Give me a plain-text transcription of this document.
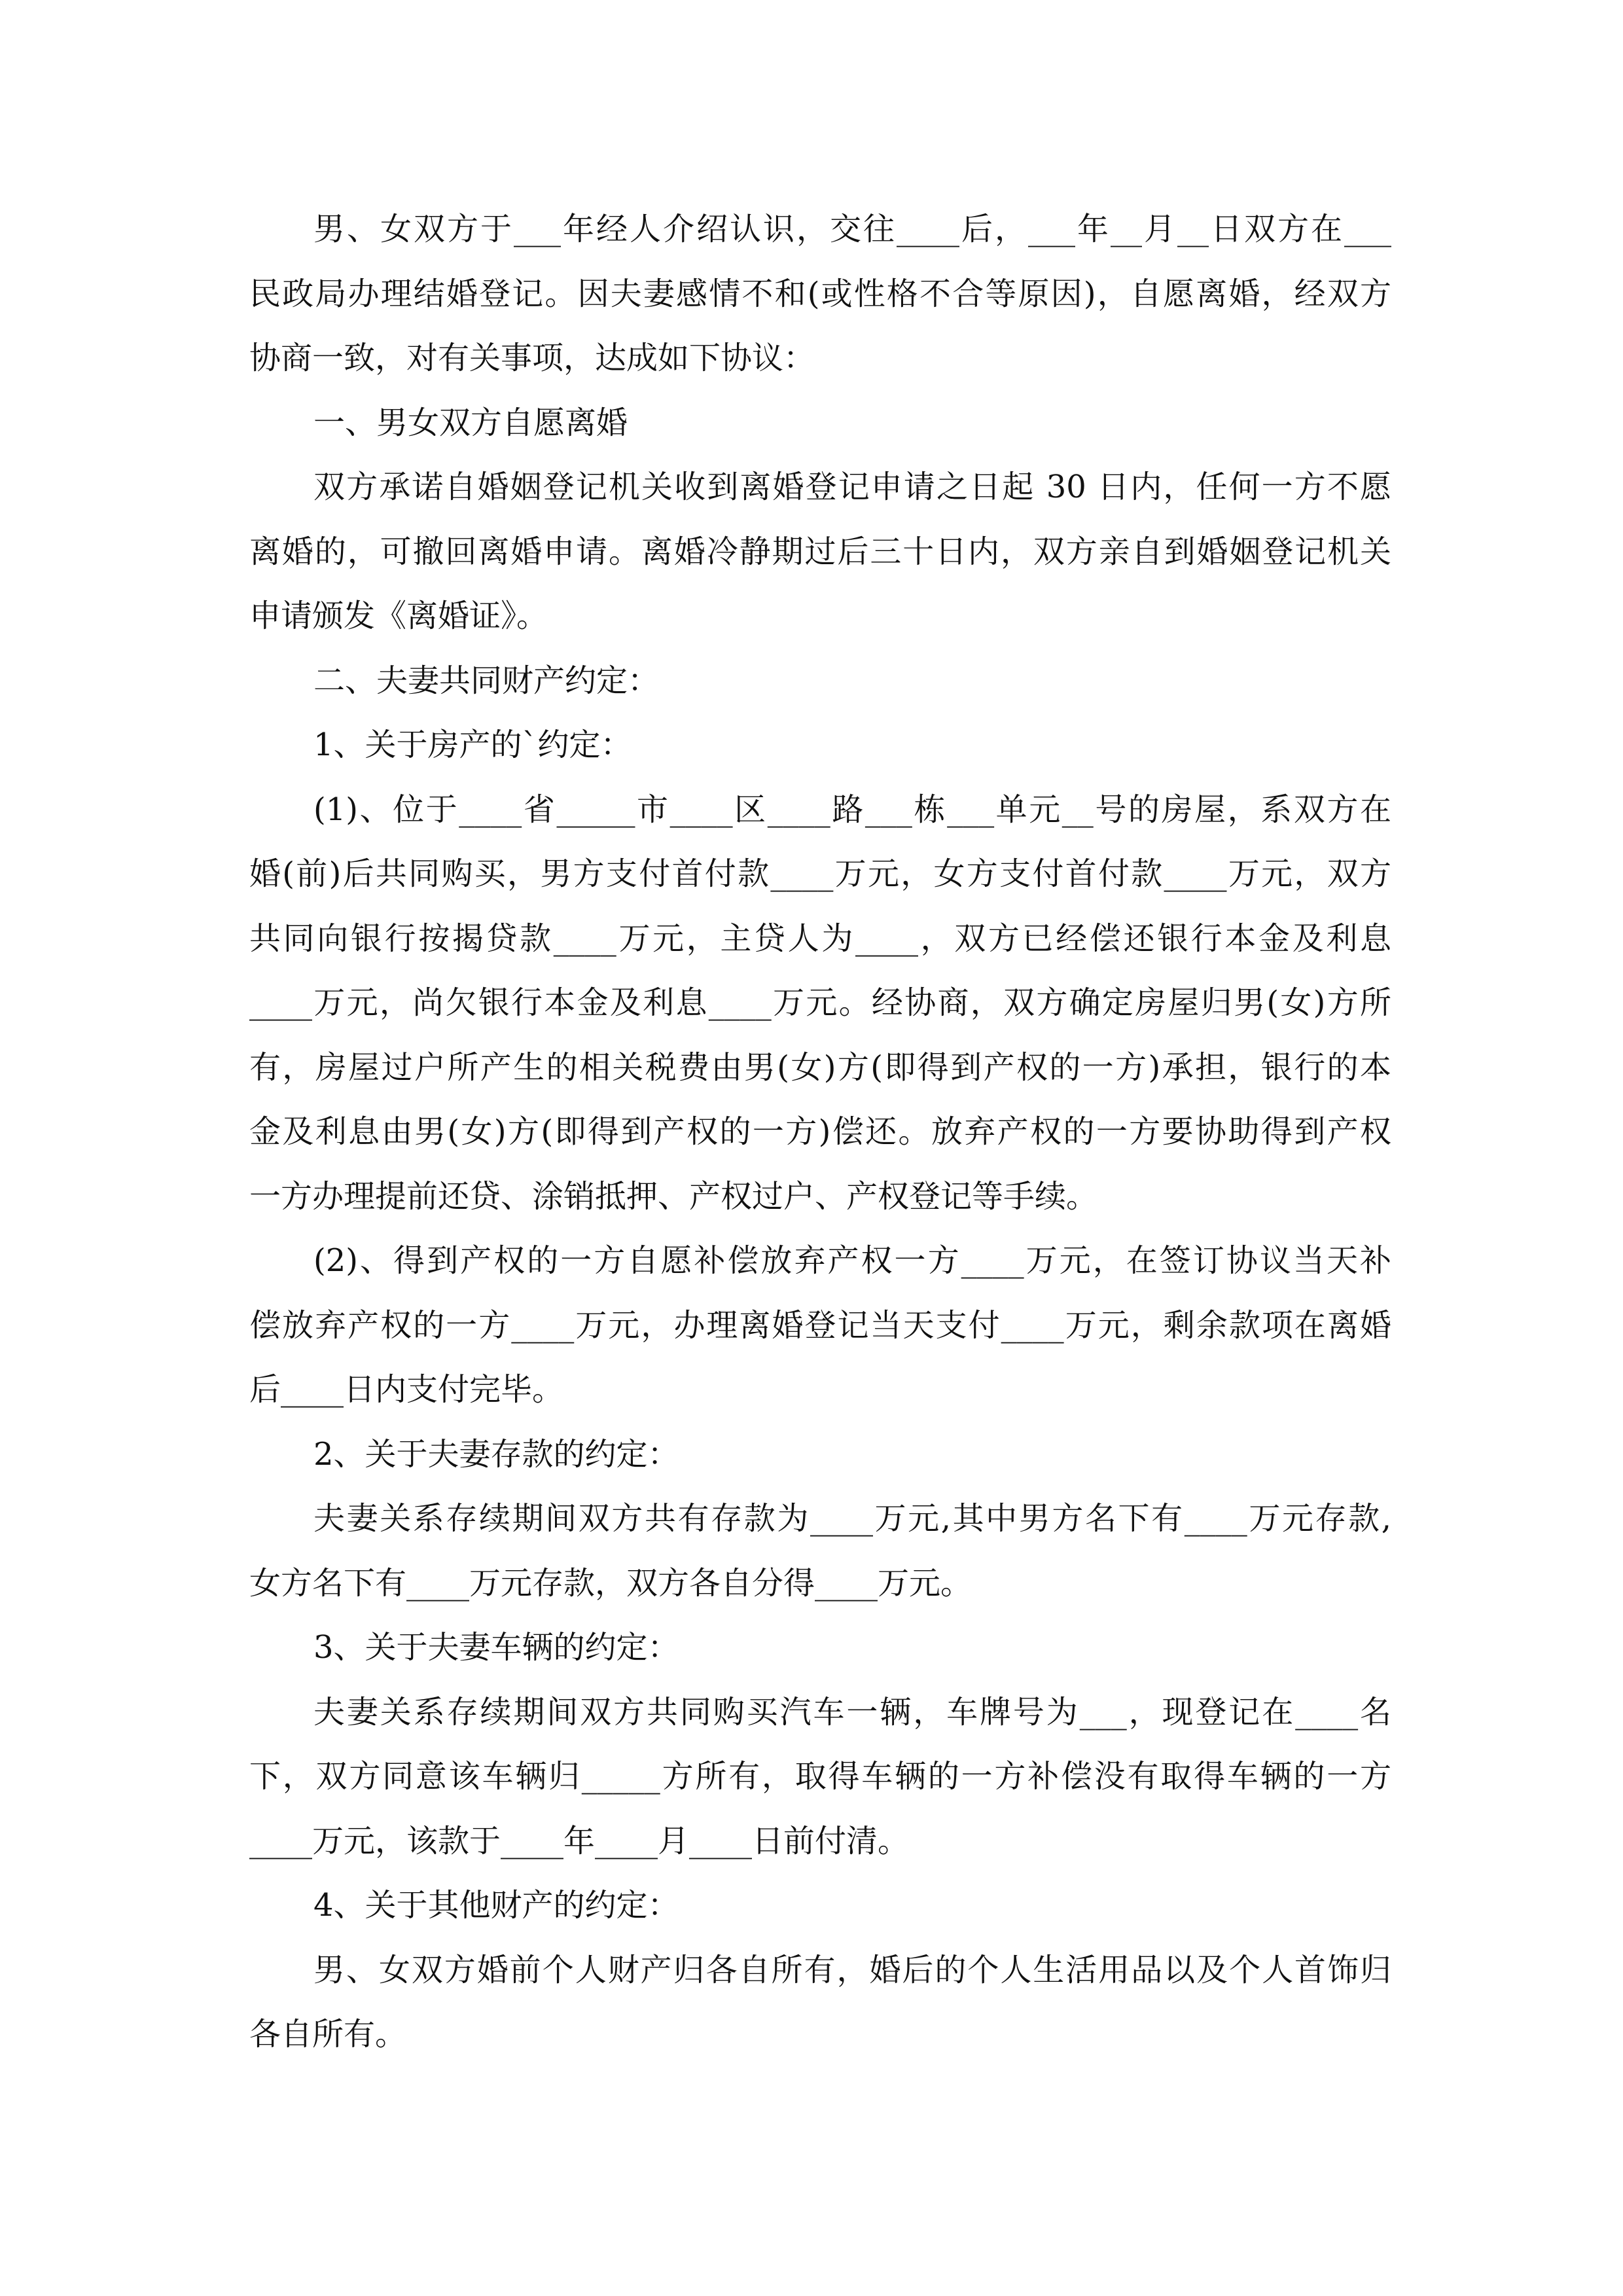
男、女双方于___年经人介绍认识，交往____后，___年__月__日双方在___
民政局办理结婚登记。因夫妻感情不和(或性格不合等原因)，自愿离婚，经双方
协商一致，对有关事项，达成如下协议：
一、男女双方自愿离婚
双方承诺自婚姻登记机关收到离婚登记申请之日起 30 日内，任何一方不愿
离婚的，可撤回离婚申请。离婚冷静期过后三十日内，双方亲自到婚姻登记机关
申请颁发《离婚证》。
二、夫妻共同财产约定：
1、关于房产的`约定：
(1)、位于____省_____市____区____路___栋___单元__号的房屋，系双方在
婚(前)后共同购买，男方支付首付款____万元，女方支付首付款____万元，双方
共同向银行按揭贷款____万元，主贷人为____，双方已经偿还银行本金及利息
____万元，尚欠银行本金及利息____万元。经协商，双方确定房屋归男(女)方所
有，房屋过户所产生的相关税费由男(女)方(即得到产权的一方)承担，银行的本
金及利息由男(女)方(即得到产权的一方)偿还。放弃产权的一方要协助得到产权
一方办理提前还贷、涂销抵押、产权过户、产权登记等手续。
(2)、得到产权的一方自愿补偿放弃产权一方____万元，在签订协议当天补
偿放弃产权的一方____万元，办理离婚登记当天支付____万元，剩余款项在离婚
后____日内支付完毕。
2、关于夫妻存款的约定：
夫妻关系存续期间双方共有存款为____万元,其中男方名下有____万元存款,
女方名下有____万元存款，双方各自分得____万元。
3、关于夫妻车辆的约定：
夫妻关系存续期间双方共同购买汽车一辆，车牌号为___，现登记在____名
下，双方同意该车辆归_____方所有，取得车辆的一方补偿没有取得车辆的一方
____万元，该款于____年____月____日前付清。
4、关于其他财产的约定：
男、女双方婚前个人财产归各自所有，婚后的个人生活用品以及个人首饰归
各自所有。
